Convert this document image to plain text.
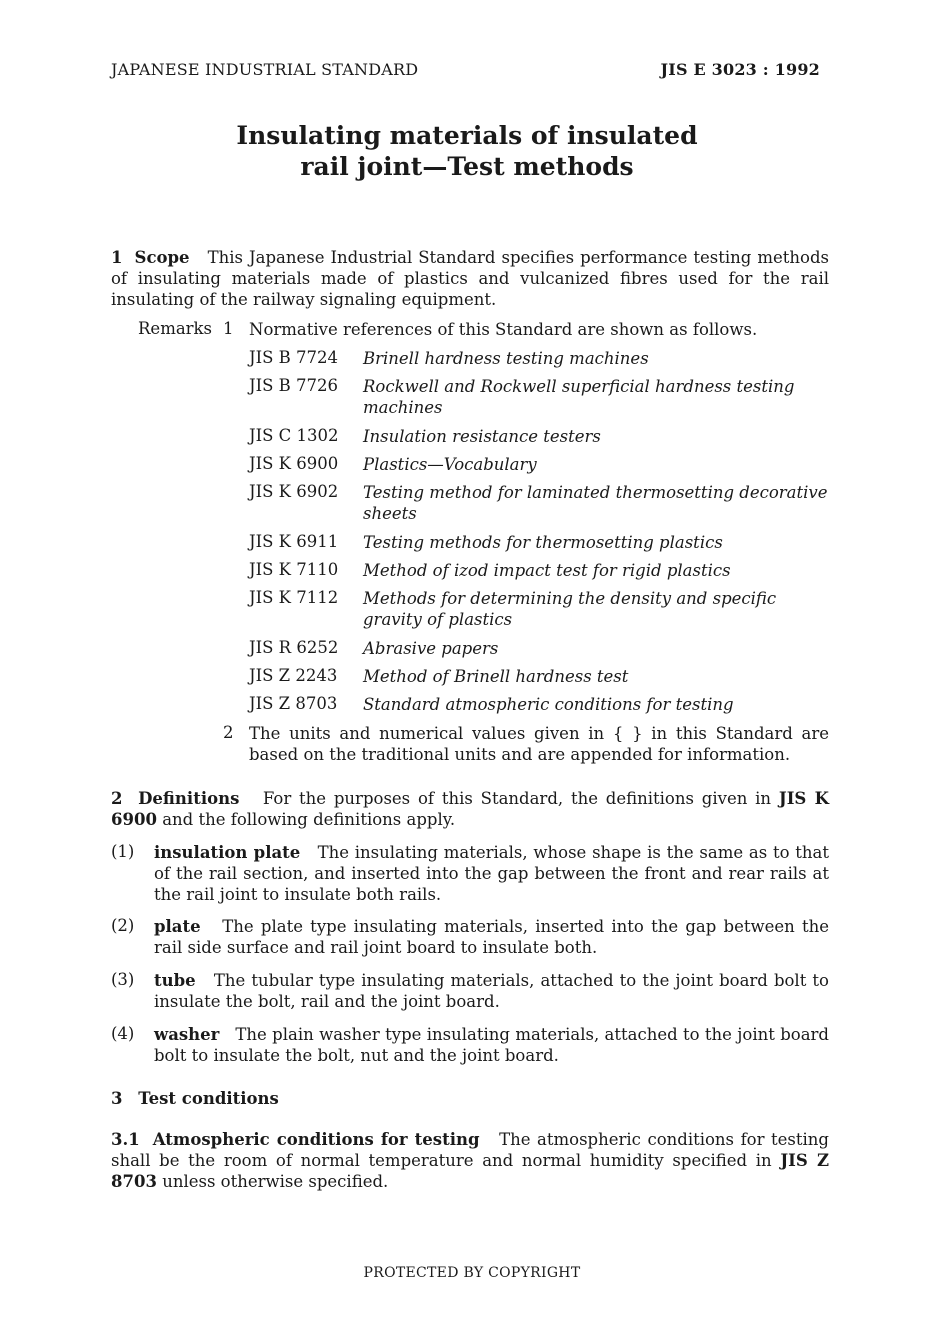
JAPANESE INDUSTRIAL STANDARD	JIS E 3023 : 1992
Insulating materials of insulated
rail joint—Test methods
1 Scope This Japanese Industrial Standard specifies performance testing methods of insulating materials made of plastics and vulcanized fibres used for the rail insulating of the railway signaling equipment.
Remarks 1 Normative references of this Standard are shown as follows.
JIS B 7724 Brinell hardness testing machines
JIS B 7726 Rockwell and Rockwell superficial hardness testing machines
JIS C 1302 Insulation resistance testers
JIS K 6900 Plastics—Vocabulary
JIS K 6902 Testing method for laminated thermosetting decorative sheets
JIS K 6911 Testing methods for thermosetting plastics
JIS K 7110 Method of izod impact test for rigid plastics
JIS K 7112 Methods for determining the density and specific gravity of plastics
JIS R 6252 Abrasive papers
JIS Z 2243 Method of Brinell hardness test
JIS Z 8703 Standard atmospheric conditions for testing
2 The units and numerical values given in { } in this Standard are based on the traditional units and are appended for information.
2 Definitions For the purposes of this Standard, the definitions given in JIS K 6900 and the following definitions apply.
(1) insulation plate The insulating materials, whose shape is the same as to that of the rail section, and inserted into the gap between the front and rear rails at the rail joint to insulate both rails.
(2) plate The plate type insulating materials, inserted into the gap between the rail side surface and rail joint board to insulate both.
(3) tube The tubular type insulating materials, attached to the joint board bolt to insulate the bolt, rail and the joint board.
(4) washer The plain washer type insulating materials, attached to the joint board bolt to insulate the bolt, nut and the joint board.
3 Test conditions
3.1 Atmospheric conditions for testing The atmospheric conditions for testing shall be the room of normal temperature and normal humidity specified in JIS Z 8703 unless otherwise specified.
PROTECTED BY COPYRIGHT
